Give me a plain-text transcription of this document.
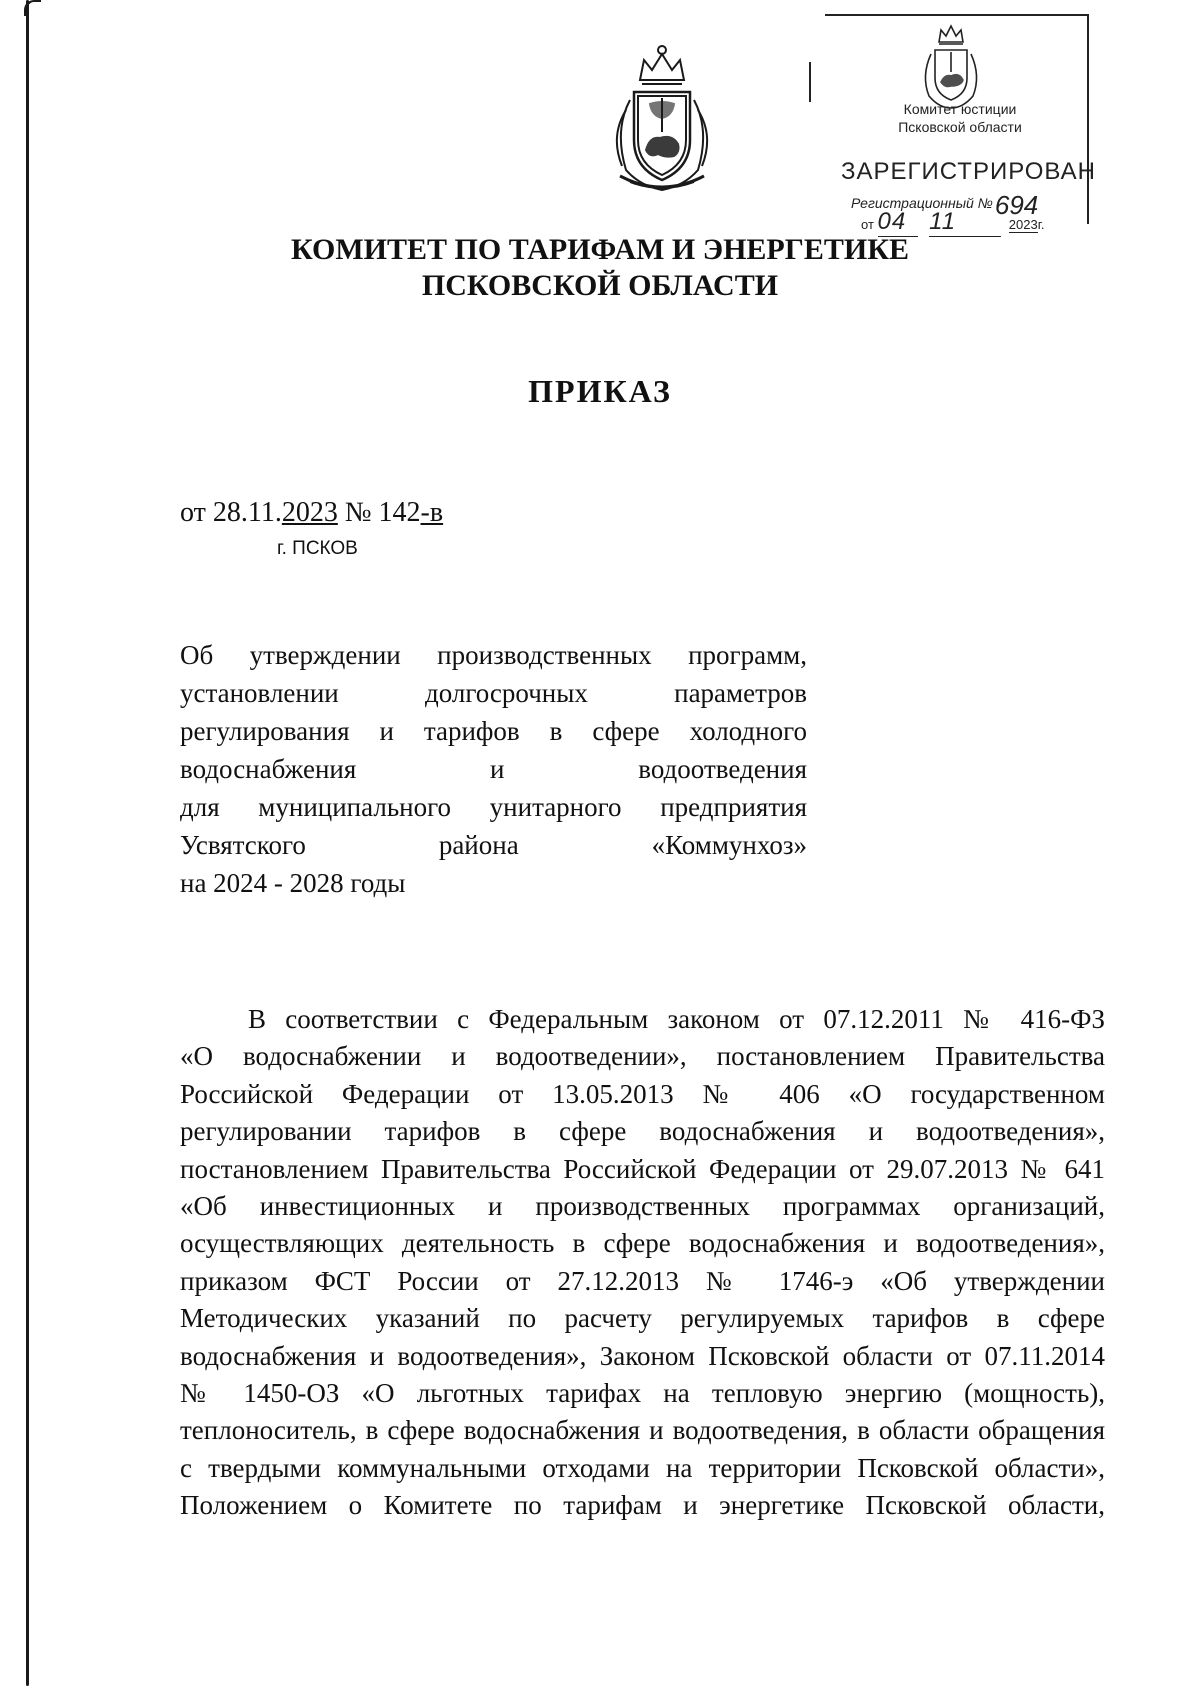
Комитет юстиции
Псковской области
ЗАРЕГИСТРИРОВАН
Регистрационный №694
от 04 11	2023г.
КОМИТЕТ ПО ТАРИФАМ И ЭНЕРГЕТИКЕ
ПСКОВСКОЙ ОБЛАСТИ
ПРИКАЗ
от 28.11.2023 № 142-в
г. ПСКОВ
Об утверждении производственных программ,
установлении долгосрочных параметров
регулирования и тарифов в сфере холодного
водоснабжения и водоотведения
для муниципального унитарного предприятия
Усвятского района «Коммунхоз»
на 2024 - 2028 годы
В соответствии с Федеральным законом от 07.12.2011 № 416-ФЗ
«О водоснабжении и водоотведении», постановлением Правительства
Российской Федерации от 13.05.2013 № 406 «О государственном
регулировании тарифов в сфере водоснабжения и водоотведения»,
постановлением Правительства Российской Федерации от 29.07.2013 № 641
«Об инвестиционных и производственных программах организаций,
осуществляющих деятельность в сфере водоснабжения и водоотведения»,
приказом ФСТ России от 27.12.2013 № 1746-э «Об утверждении
Методических указаний по расчету регулируемых тарифов в сфере
водоснабжения и водоотведения», Законом Псковской области от 07.11.2014
№ 1450-ОЗ «О льготных тарифах на тепловую энергию (мощность),
теплоноситель, в сфере водоснабжения и водоотведения, в области обращения
с твердыми коммунальными отходами на территории Псковской области»,
Положением о Комитете по тарифам и энергетике Псковской области,
